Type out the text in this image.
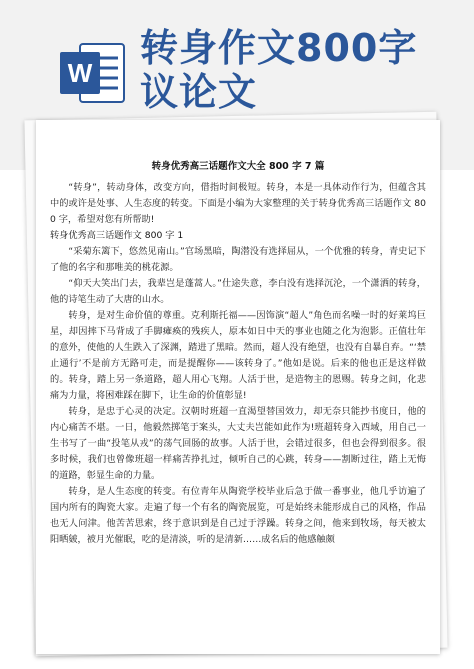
W
转身作文800字
议论文
转身优秀高三话题作文大全 800 字 7 篇

“转身”，转动身体，改变方向，借指时间极短。转身，本是一具体动作行为，但蕴含其中的或许是处事、人生态度的转变。下面是小编为大家整理的关于转身优秀高三话题作文 800 字，希望对您有所帮助!

转身优秀高三话题作文 800 字 1

“采菊东篱下，悠然见南山。”官场黑暗，陶潜没有选择屈从，一个优雅的转身，青史记下了他的名字和那唯美的桃花源。

“仰天大笑出门去，我辈岂是蓬蒿人。”仕途失意，李白没有选择沉沦，一个潇洒的转身，他的诗笔生动了大唐的山水。

转身，是对生命价值的尊重。克利斯托福——因饰演“超人”角色而名噪一时的好莱坞巨星，却因摔下马背成了手脚瘫痪的残疾人，原本如日中天的事业也随之化为泡影。正值壮年的意外，使他的人生跌入了深渊，踏进了黑暗。然而，超人没有绝望，也没有自暴自弃。“‘禁止通行’不是前方无路可走，而是提醒你——该转身了。”他如是说。后来的他也正是这样做的。转身，踏上另一条道路，超人用心飞翔。人活于世，是造物主的恩赐。转身之间，化悲痛为力量，将困难踩在脚下，让生命的价值彰显!

转身，是忠于心灵的决定。汉朝时班超一直渴望替国效力，却无奈只能抄书度日，他的内心痛苦不堪。一日，他毅然掷笔于案头，大丈夫岂能如此作为!班超转身入西域，用自己一生书写了一曲“投笔从戎”的荡气回肠的故事。人活于世，会错过很多，但也会得到很多。很多时候，我们也曾像班超一样痛苦挣扎过，倾听自己的心跳，转身——割断过往，踏上无悔的道路，彰显生命的力量。

转身，是人生态度的转变。有位青年从陶瓷学校毕业后急于做一番事业，他几乎访遍了国内所有的陶瓷大家。走遍了每一个有名的陶瓷展览，可是始终未能形成自己的风格，作品也无人问津。他苦苦思索，终于意识到是自己过于浮躁。转身之间，他来到牧场，每天被太阳晒皴，被月光催眠，吃的是清淡，听的是清新……成名后的他感触颇
